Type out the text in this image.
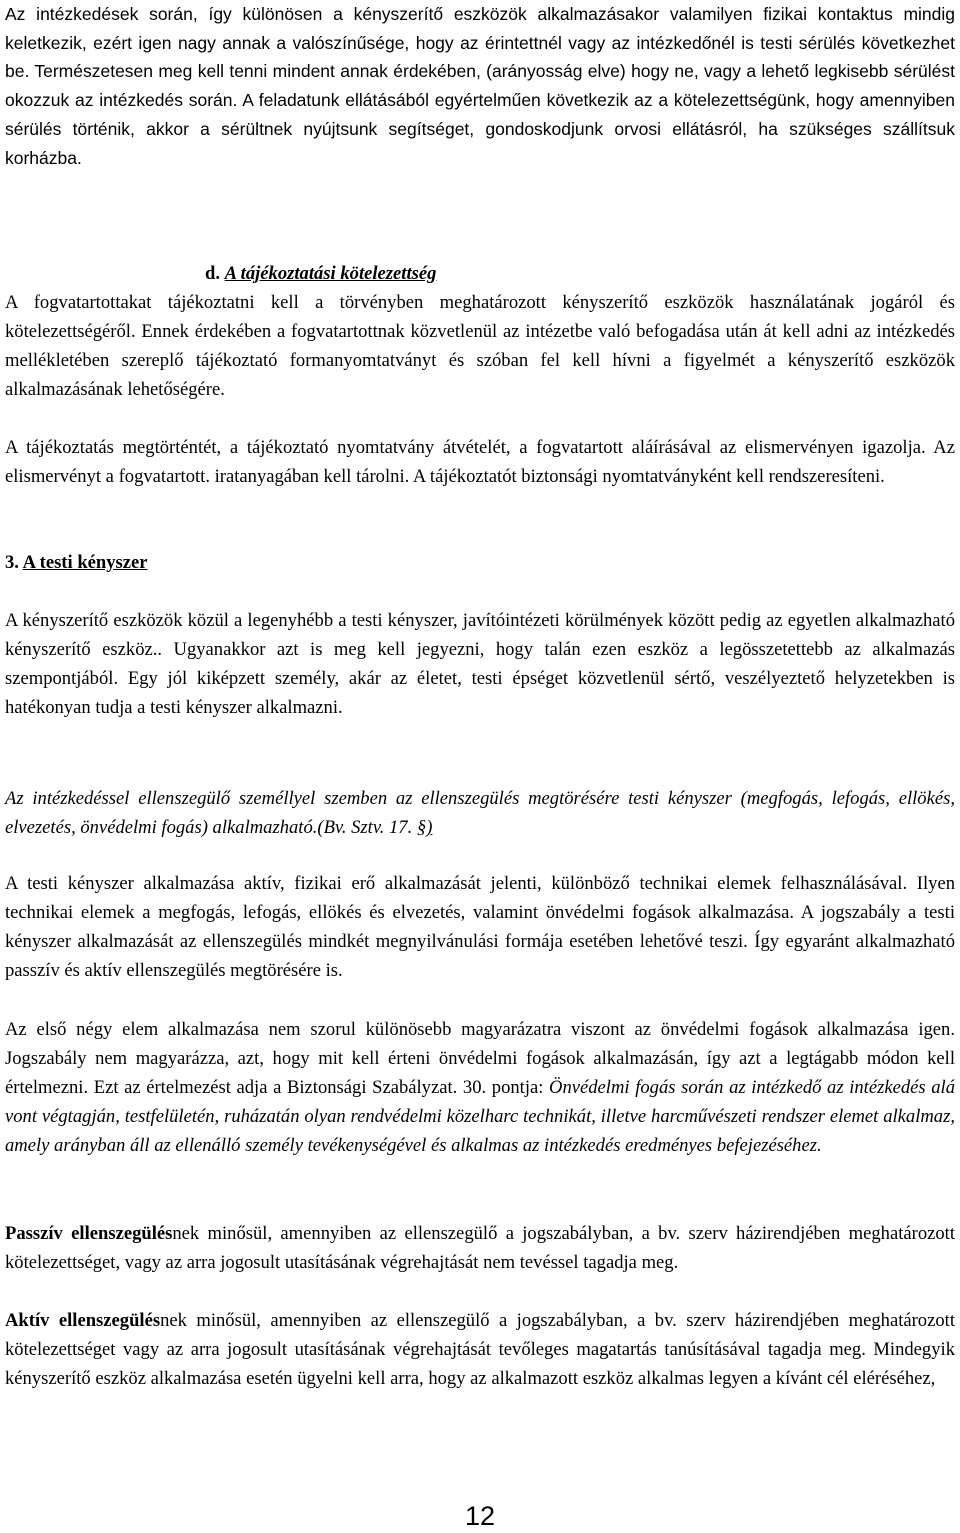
Az intézkedések során, így különösen a kényszerítő eszközök alkalmazásakor valamilyen fizikai kontaktus mindig keletkezik, ezért igen nagy annak a valószínűsége, hogy az érintettnél vagy az intézkedőnél is testi sérülés következhet be. Természetesen meg kell tenni mindent annak érdekében, (arányosság elve) hogy ne, vagy a lehető legkisebb sérülést okozzuk az intézkedés során. A feladatunk ellátásából egyértelműen következik az a kötelezettségünk, hogy amennyiben sérülés történik, akkor a sérültnek nyújtsunk segítséget, gondoskodjunk orvosi ellátásról, ha szükséges szállítsuk korházba.

d. A tájékoztatási kötelezettség

A fogvatartottakat tájékoztatni kell a törvényben meghatározott kényszerítő eszközök használatának jogáról és kötelezettségéről. Ennek érdekében a fogvatartottnak közvetlenül az intézetbe való befogadása után át kell adni az intézkedés mellékletében szereplő tájékoztató formanyomtatványt és szóban fel kell hívni a figyelmét a kényszerítő eszközök alkalmazásának lehetőségére.

A tájékoztatás megtörténtét, a tájékoztató nyomtatvány átvételét, a fogvatartott aláírásával az elismervényen igazolja. Az elismervényt a fogvatartott. iratanyagában kell tárolni. A tájékoztatót biztonsági nyomtatványként kell rendszeresíteni.

3. A testi kényszer

A kényszerítő eszközök közül a legenyhébb a testi kényszer, javítóintézeti körülmények között pedig az egyetlen alkalmazható kényszerítő eszköz.. Ugyanakkor azt is meg kell jegyezni, hogy talán ezen eszköz a legösszetettebb az alkalmazás szempontjából. Egy jól kiképzett személy, akár az életet, testi épséget közvetlenül sértő, veszélyeztető helyzetekben is hatékonyan tudja a testi kényszer alkalmazni.

Az intézkedéssel ellenszegülő személlyel szemben az ellenszegülés megtörésére testi kényszer (megfogás, lefogás, ellökés, elvezetés, önvédelmi fogás) alkalmazható.(Bv. Sztv. 17. §)

A testi kényszer alkalmazása aktív, fizikai erő alkalmazását jelenti, különböző technikai elemek felhasználásával. Ilyen technikai elemek a megfogás, lefogás, ellökés és elvezetés, valamint önvédelmi fogások alkalmazása. A jogszabály a testi kényszer alkalmazását az ellenszegülés mindkét megnyilvánulási formája esetében lehetővé teszi. Így egyaránt alkalmazható passzív és aktív ellenszegülés megtörésére is.

Az első négy elem alkalmazása nem szorul különösebb magyarázatra viszont az önvédelmi fogások alkalmazása igen. Jogszabály nem magyarázza, azt, hogy mit kell érteni önvédelmi fogások alkalmazásán, így azt a legtágabb módon kell értelmezni. Ezt az értelmezést adja a Biztonsági Szabályzat. 30. pontja: Önvédelmi fogás során az intézkedő az intézkedés alá vont végtagján, testfelületén, ruházatán olyan rendvédelmi közelharc technikát, illetve harcművészeti rendszer elemet alkalmaz, amely arányban áll az ellenálló személy tevékenységével és alkalmas az intézkedés eredményes befejezéséhez.

Passzív ellenszegülésnek minősül, amennyiben az ellenszegülő a jogszabályban, a bv. szerv házirendjében meghatározott kötelezettséget, vagy az arra jogosult utasításának végrehajtását nem tevéssel tagadja meg.

Aktív ellenszegülésnek minősül, amennyiben az ellenszegülő a jogszabályban, a bv. szerv házirendjében meghatározott kötelezettséget vagy az arra jogosult utasításának végrehajtását tevőleges magatartás tanúsításával tagadja meg. Mindegyik kényszerítő eszköz alkalmazása esetén ügyelni kell arra, hogy az alkalmazott eszköz alkalmas legyen a kívánt cél eléréséhez,

12
